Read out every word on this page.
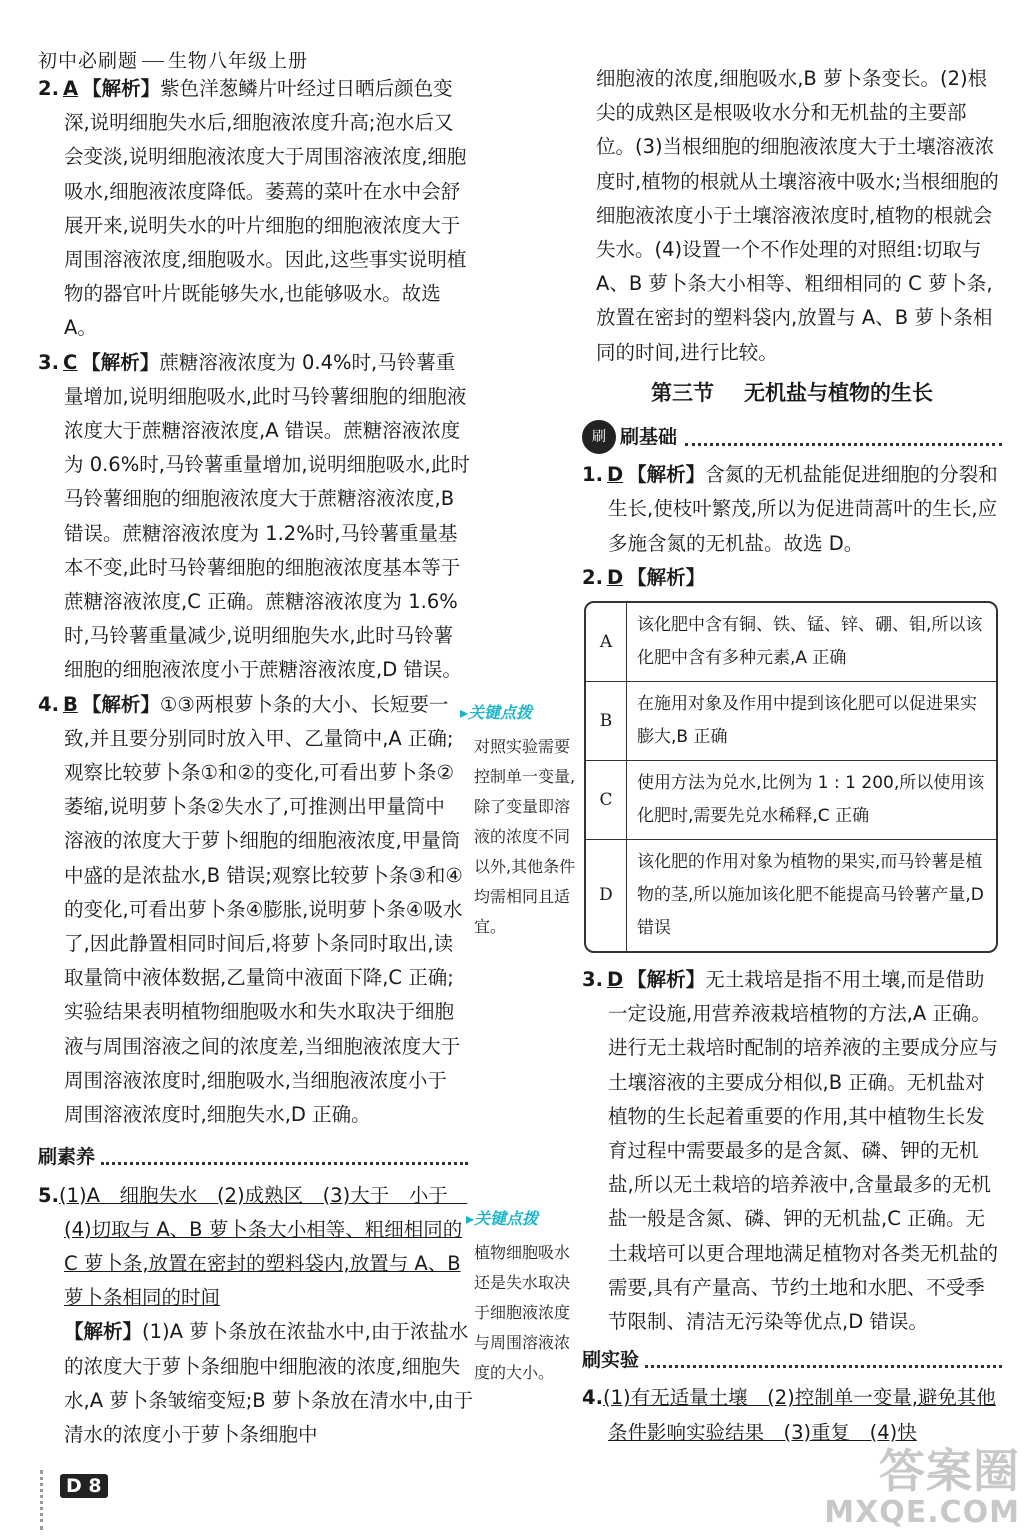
初中必刷题 生物八年级上册

2. A 【解析】紫色洋葱鳞片叶经过日晒后颜色变深,说明细胞失水后,细胞液浓度升高;泡水后又会变淡,说明细胞液浓度大于周围溶液浓度,细胞吸水,细胞液浓度降低。萎蔫的菜叶在水中会舒展开来,说明失水的叶片细胞的细胞液浓度大于周围溶液浓度,细胞吸水。因此,这些事实说明植物的器官叶片既能够失水,也能够吸水。故选 A。

3. C 【解析】蔗糖溶液浓度为 0.4%时,马铃薯重量增加,说明细胞吸水,此时马铃薯细胞的细胞液浓度大于蔗糖溶液浓度,A 错误。蔗糖溶液浓度为 0.6%时,马铃薯重量增加,说明细胞吸水,此时马铃薯细胞的细胞液浓度大于蔗糖溶液浓度,B 错误。蔗糖溶液浓度为 1.2%时,马铃薯重量基本不变,此时马铃薯细胞的细胞液浓度基本等于蔗糖溶液浓度,C 正确。蔗糖溶液浓度为 1.6%时,马铃薯重量减少,说明细胞失水,此时马铃薯细胞的细胞液浓度小于蔗糖溶液浓度,D 错误。

4. B 【解析】①③两根萝卜条的大小、长短要一

致,并且要分别同时放入甲、乙量筒中,A 正确;观察比较萝卜条①和②的变化,可看出萝卜条②萎缩,说明萝卜条②失水了,可推测出甲量筒中溶液的浓度大于萝卜细胞的细胞液浓度,甲量筒中盛的是浓盐水,B 错误;观察比较萝卜条③和④的变化,可看出萝卜条④膨胀,说明萝卜条④吸水了,因此静置相同时间后,将萝卜条同时取出,读取量筒中液体数据,乙量筒中液面下降,C 正确;实验结果表明植物细胞吸水和失水取决于细胞液与周围溶液之间的浓度差,当细胞液浓度大于周围溶液浓度时,细胞吸水,当细胞液浓度小于周围溶液浓度时,细胞失水,D 正确。

刷素养

5.(1)A　细胞失水　(2)成熟区　(3)大于　小于　(4)切取与 A、B 萝卜条大小相等、粗细相同的 C 萝卜条,放置在密封的塑料袋内,放置与 A、B 萝卜条相同的时间

【解析】(1)A 萝卜条放在浓盐水中,由于浓盐水的浓度大于萝卜条细胞中细胞液的浓度,细胞失水,A 萝卜条皱缩变短;B 萝卜条放在清水中,由于清水的浓度小于萝卜条细胞中

▸关键点拨
对照实验需要控制单一变量,除了变量即溶液的浓度不同以外,其他条件均需相同且适宜。
▸关键点拨
植物细胞吸水还是失水取决于细胞液浓度与周围溶液浓度的大小。

细胞液的浓度,细胞吸水,B 萝卜条变长。(2)根尖的成熟区是根吸收水分和无机盐的主要部位。(3)当根细胞的细胞液浓度大于土壤溶液浓度时,植物的根就从土壤溶液中吸水;当根细胞的细胞液浓度小于土壤溶液浓度时,植物的根就会失水。(4)设置一个不作处理的对照组:切取与 A、B 萝卜条大小相等、粗细相同的 C 萝卜条,放置在密封的塑料袋内,放置与 A、B 萝卜条相同的时间,进行比较。

第三节 无机盐与植物的生长
刷 刷基础

1. D 【解析】含氮的无机盐能促进细胞的分裂和生长,使枝叶繁茂,所以为促进茼蒿叶的生长,应多施含氮的无机盐。故选 D。

2. D 【解析】

A
该化肥中含有铜、铁、锰、锌、硼、钼,所以该化肥中含有多种元素,A 正确
B
在施用对象及作用中提到该化肥可以促进果实膨大,B 正确
C
使用方法为兑水,比例为 1 : 1 200,所以使用该化肥时,需要先兑水稀释,C 正确
D
该化肥的作用对象为植物的果实,而马铃薯是植物的茎,所以施加该化肥不能提高马铃薯产量,D 错误

3. D 【解析】无土栽培是指不用土壤,而是借助一定设施,用营养液栽培植物的方法,A 正确。进行无土栽培时配制的培养液的主要成分应与土壤溶液的主要成分相似,B 正确。无机盐对植物的生长起着重要的作用,其中植物生长发育过程中需要最多的是含氮、磷、钾的无机盐,所以无土栽培的培养液中,含量最多的无机盐一般是含氮、磷、钾的无机盐,C 正确。无土栽培可以更合理地满足植物对各类无机盐的需要,具有产量高、节约土地和水肥、不受季节限制、清洁无污染等优点,D 错误。

刷实验

4.(1)有无适量土壤　(2)控制单一变量,避免其他条件影响实验结果　(3)重复　(4)快

D 8	答案圈
MXQE.COM
